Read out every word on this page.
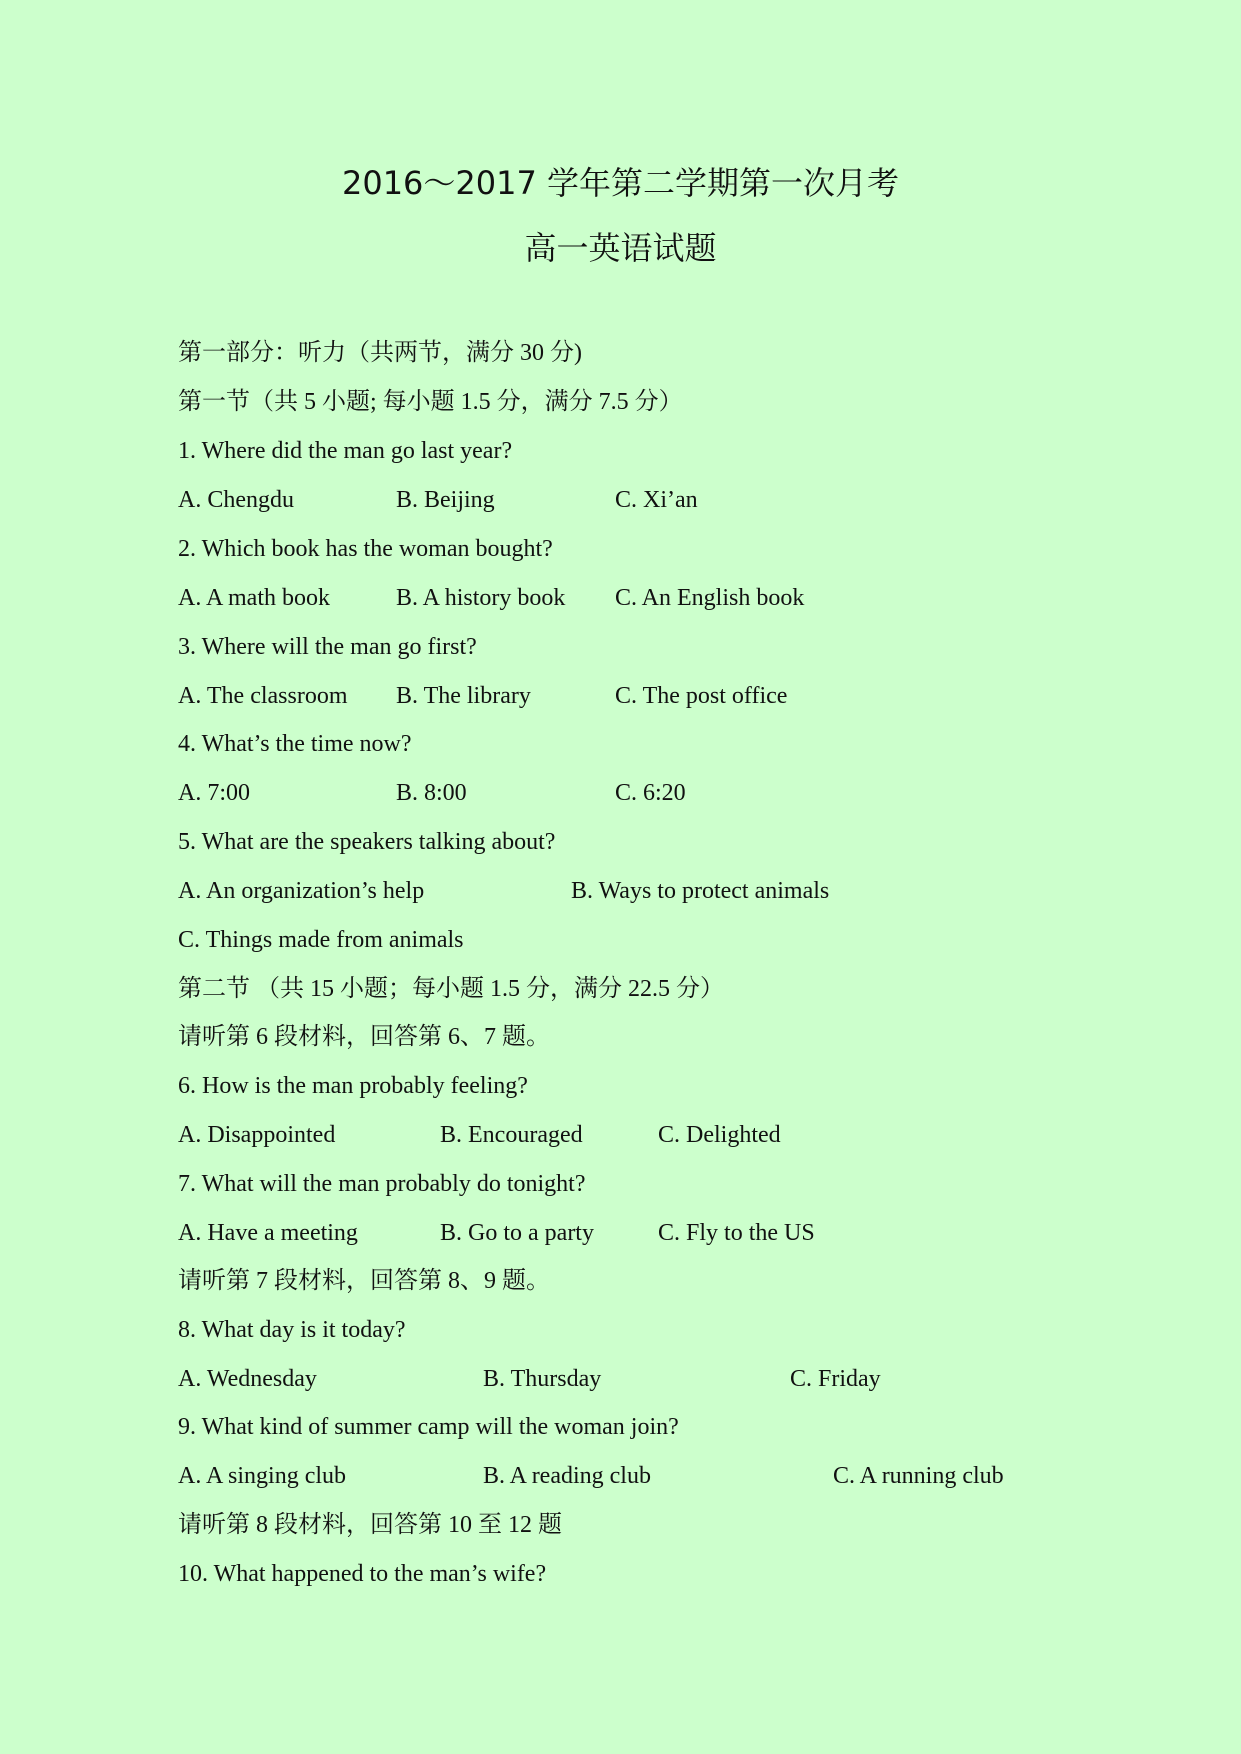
2016～2017 学年第二学期第一次月考
高一英语试题
第一部分：听力（共两节，满分 30 分)
第一节（共 5 小题; 每小题 1.5 分，满分 7.5 分）
1. Where did the man go last year?
A. Chengdu	B. Beijing	C. Xi’an
2. Which book has the woman bought?
A. A math book	B. A history book C. An English book
3. Where will the man go first?
A. The classroom B. The library	C. The post office
4. What’s the time now?
A. 7:00	B. 8:00	C. 6:20
5. What are the speakers talking about?
A. An organization’s help	B. Ways to protect animals
C. Things made from animals
第二节 （共 15 小题；每小题 1.5 分，满分 22.5 分）
请听第 6 段材料，回答第 6、7 题。
6. How is the man probably feeling?
A. Disappointed	B. Encouraged	C. Delighted
7. What will the man probably do tonight?
A. Have a meeting	B. Go to a party	C. Fly to the US
请听第 7 段材料，回答第 8、9 题。
8. What day is it today?
A. Wednesday	B. Thursday	C. Friday
9. What kind of summer camp will the woman join?
A. A singing club	B. A reading club	C. A running club
请听第 8 段材料，回答第 10 至 12 题
10. What happened to the man’s wife?
